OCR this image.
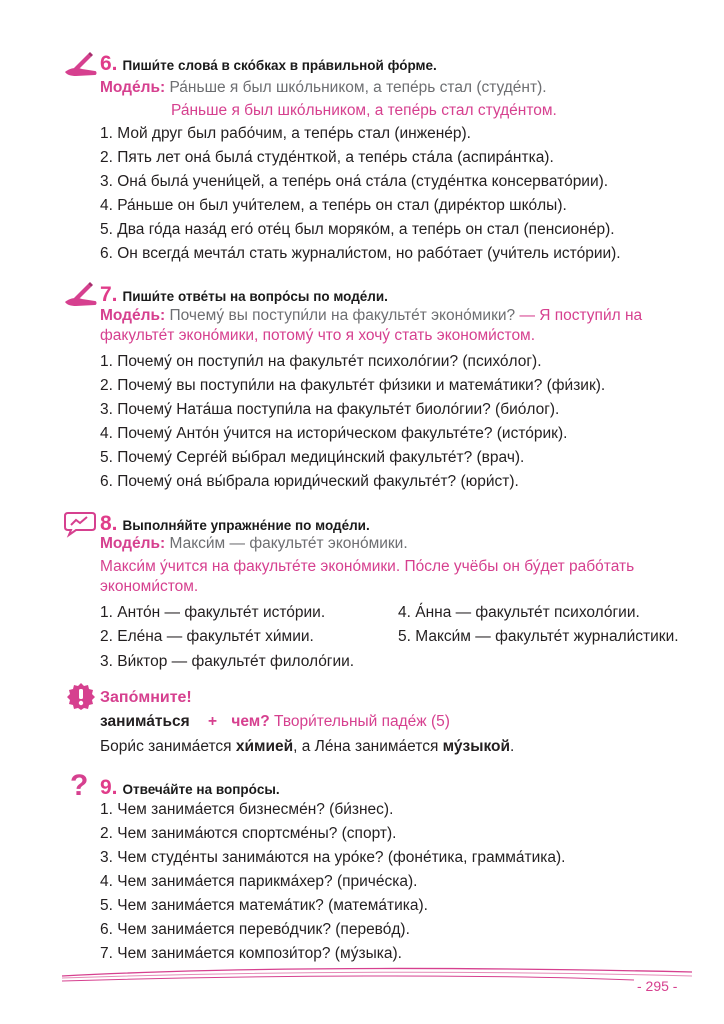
6. Пиши́те слова́ в ско́бках в пра́вильной фо́рме.
Моде́ль: Ра́ньше я был шко́льником, а тепе́рь стал (студе́нт).
Ра́ньше я был шко́льником, а тепе́рь стал студе́нтом.
1. Мой друг был рабо́чим, а тепе́рь стал (инжене́р).
2. Пять лет она́ была́ студе́нткой, а тепе́рь ста́ла (аспира́нтка).
3. Она́ была́ учени́цей, а тепе́рь она́ ста́ла (студе́нтка консервато́рии).
4. Ра́ньше он был учи́телем, а тепе́рь он стал (дире́ктор шко́лы).
5. Два го́да наза́д его́ оте́ц был моряко́м, а тепе́рь он стал (пенсионе́р).
6. Он всегда́ мечта́л стать журнали́стом, но рабо́тает (учи́тель исто́рии).
7. Пиши́те отве́ты на вопро́сы по моде́ли.
Моде́ль: Почему́ вы поступи́ли на факульте́т эконо́мики? — Я поступи́л на факульте́т эконо́мики, потому́ что я хочу́ стать экономи́стом.
1. Почему́ он поступи́л на факульте́т психоло́гии? (психо́лог).
2. Почему́ вы поступи́ли на факульте́т фи́зики и матема́тики? (фи́зик).
3. Почему́ Ната́ша поступи́ла на факульте́т биоло́гии? (био́лог).
4. Почему́ Анто́н у́чится на истори́ческом факульте́те? (исто́рик).
5. Почему́ Серге́й вы́брал медици́нский факульте́т? (врач).
6. Почему́ она́ вы́брала юриди́ческий факульте́т? (юри́ст).
8. Выполня́йте упражне́ние по моде́ли.
Моде́ль: Макси́м — факульте́т эконо́мики.
Макси́м у́чится на факульте́те эконо́мики. По́сле учёбы он бу́дет рабо́тать экономи́стом.
1. Анто́н — факульте́т исто́рии.
2. Еле́на — факульте́т хи́мии.
3. Ви́ктор — факульте́т филоло́гии.
4. А́нна — факульте́т психоло́гии.
5. Макси́м — факульте́т журнали́стики.
Запо́мните!
занима́ться + чем? Твори́тельный паде́ж (5)
Бори́с занима́ется хи́мией, а Ле́на занима́ется му́зыкой.
? 9. Отвеча́йте на вопро́сы.
1. Чем занима́ется бизнесме́н? (би́знес).
2. Чем занима́ются спортсме́ны? (спорт).
3. Чем студе́нты занима́ются на уро́ке? (фоне́тика, грамма́тика).
4. Чем занима́ется парикма́хер? (приче́ска).
5. Чем занима́ется матема́тик? (матема́тика).
6. Чем занима́ется перево́дчик? (перево́д).
7. Чем занима́ется компози́тор? (му́зыка).
- 295 -
